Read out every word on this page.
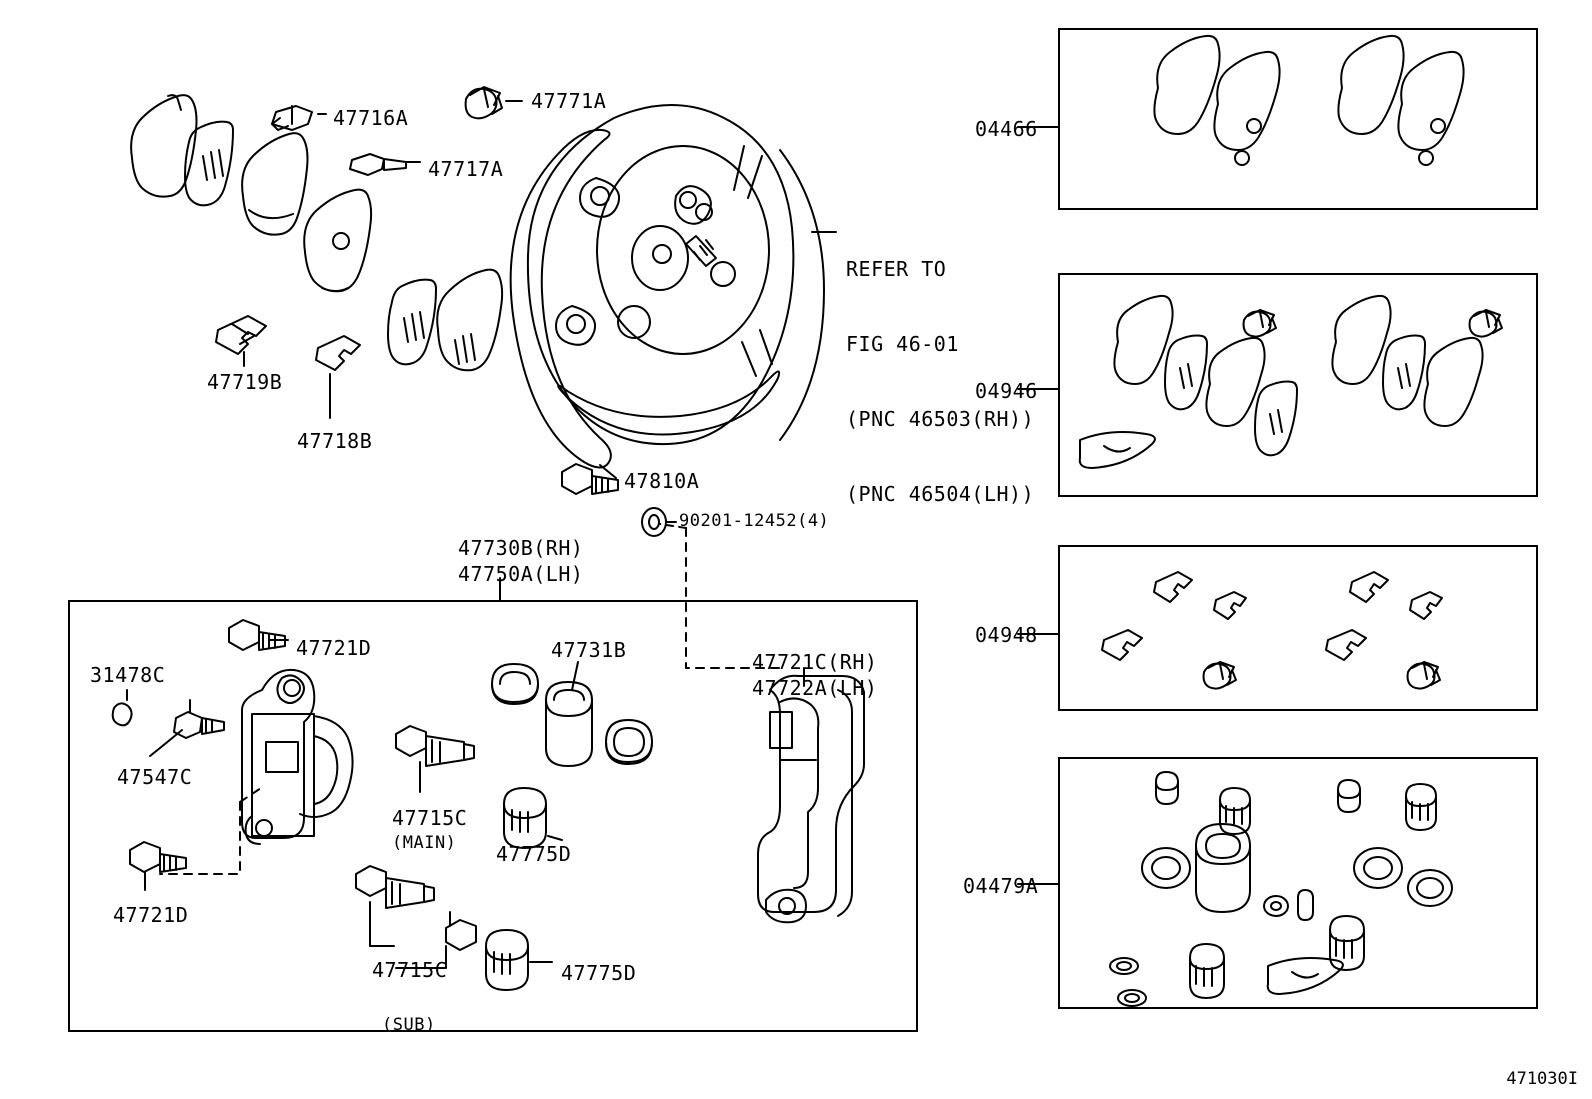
04466
04946
04948
04479A
47716A
47771A
47717A
47719B
47718B
47810A
90201-12452(4)
47730B(RH)
47750A(LH)
31478C
47721D
47547C
47715C
(MAIN)
47731B
47775D
47721C(RH)
47722A(LH)
47721D
47715C
(SUB)
47775D

REFER TO

FIG 46-01

(PNC 46503(RH))

(PNC 46504(LH))

471030I
